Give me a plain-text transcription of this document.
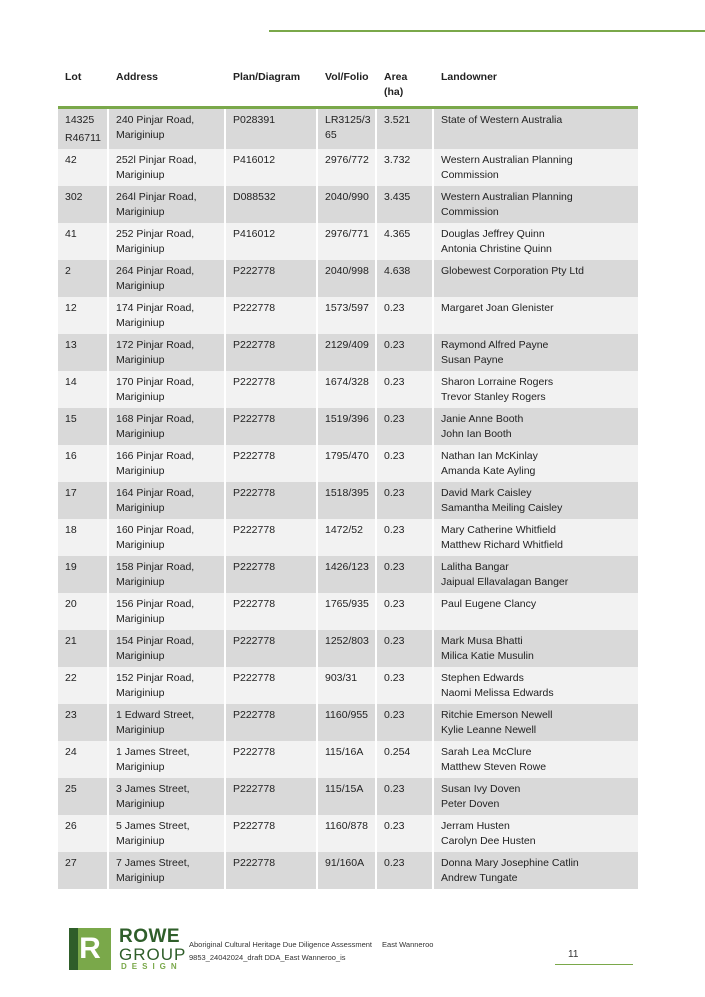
Lot	Address	Plan/Diagram	Vol/Folio	Area (ha)	Landowner

14325
R46711	240 Pinjar Road, Mariginiup	P028391	LR3125/3 65	3.521	State of Western Australia

42	252l Pinjar Road, Mariginiup	P416012	2976/772	3.732	Western Australian Planning Commission

302	264l Pinjar Road, Mariginiup	D088532	2040/990	3.435	Western Australian Planning Commission

41	252 Pinjar Road, Mariginiup	P416012	2976/771	4.365	Douglas Jeffrey Quinn
Antonia Christine Quinn

2	264 Pinjar Road, Mariginiup	P222778	2040/998	4.638	Globewest Corporation Pty Ltd

12	174 Pinjar Road, Mariginiup	P222778	1573/597	0.23	Margaret Joan Glenister

13	172 Pinjar Road, Mariginiup	P222778	2129/409	0.23	Raymond Alfred Payne
Susan Payne

14	170 Pinjar Road, Mariginiup	P222778	1674/328	0.23	Sharon Lorraine Rogers
Trevor Stanley Rogers

15	168 Pinjar Road, Mariginiup	P222778	1519/396	0.23	Janie Anne Booth
John Ian Booth

16	166 Pinjar Road, Mariginiup	P222778	1795/470	0.23	Nathan Ian McKinlay
Amanda Kate Ayling

17	164 Pinjar Road, Mariginiup	P222778	1518/395	0.23	David Mark Caisley
Samantha Meiling Caisley

18	160 Pinjar Road, Mariginiup	P222778	1472/52	0.23	Mary Catherine Whitfield
Matthew Richard Whitfield

19	158 Pinjar Road, Mariginiup	P222778	1426/123	0.23	Lalitha Bangar
Jaipual Ellavalagan Banger

20	156 Pinjar Road, Mariginiup	P222778	1765/935	0.23	Paul Eugene Clancy

21	154 Pinjar Road, Mariginiup	P222778	1252/803	0.23	Mark Musa Bhatti
Milica Katie Musulin

22	152 Pinjar Road, Mariginiup	P222778	903/31	0.23	Stephen Edwards
Naomi Melissa Edwards

23	1 Edward Street, Mariginiup	P222778	1160/955	0.23	Ritchie Emerson Newell
Kylie Leanne Newell

24	1 James Street, Mariginiup	P222778	115/16A	0.254	Sarah Lea McClure
Matthew Steven Rowe

25	3 James Street, Mariginiup	P222778	115/15A	0.23	Susan Ivy Doven
Peter Doven

26	5 James Street, Mariginiup	P222778	1160/878	0.23	Jerram Husten
Carolyn Dee Husten

27	7 James Street, Mariginiup	P222778	91/160A	0.23	Donna Mary Josephine Catlin
Andrew Tungate
R ROWE
GROUP
DESIGN
Aboriginal Cultural Heritage Due Diligence Assessment East Wanneroo
9853_24042024_draft DDA_East Wanneroo_is	11
